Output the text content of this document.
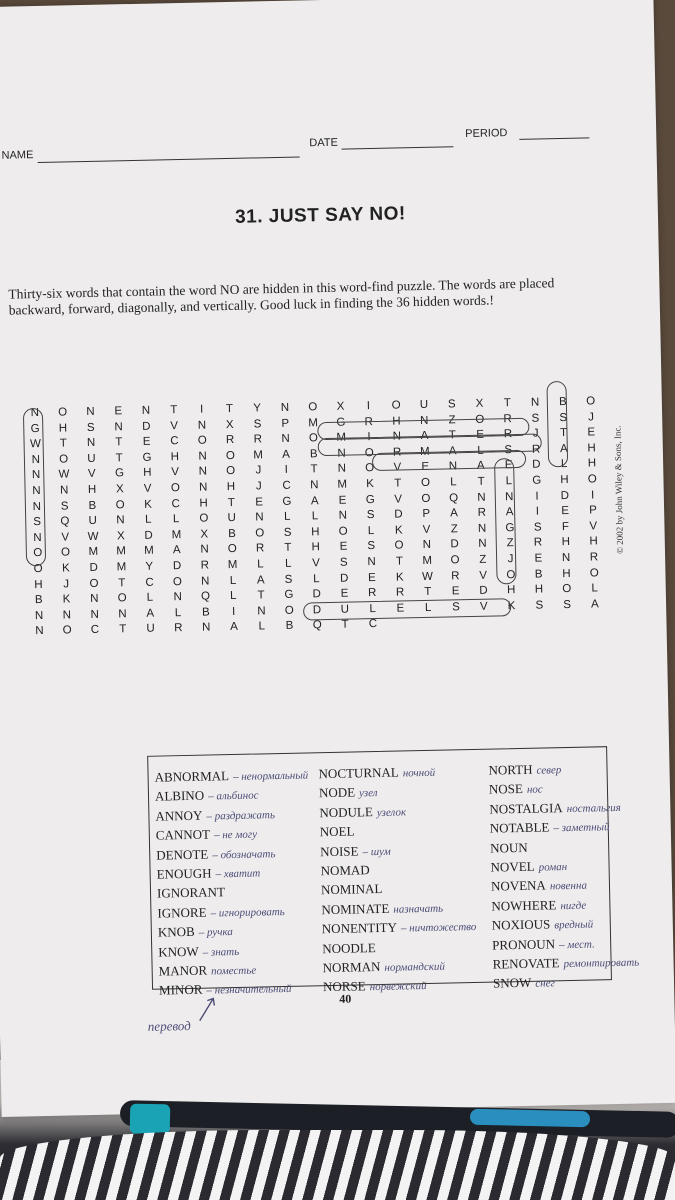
NAME
DATE
PERIOD
31. JUST SAY NO!
Thirty-six words that contain the word NO are hidden in this word-find puzzle. The words are placed backward, forward, diagonally, and vertically. Good luck in finding the 36 hidden words.!
N	O	N	E	N	T	I	T	Y	N	O	X	I	O	U	S	X	T	N	B	O
G	H	S	N	D	V	N	X	S	P	M	G	R	H	N	Z	O	R	S	S	J
W	T	N	T	E	C	O	R	R	N	O	M	I	N	A	T	E	R	J	T	E
N	O	U	T	G	H	N	O	M	A	B	N	O	R	M	A	L	S	R	A	H
N	W	V	G	H	V	N	O	J	I	T	N	O	V	E	N	A	E	D	L	H
N	N	H	X	V	O	N	H	J	C	N	M	K	T	O	L	T	L	G	H	O
N	S	B	O	K	C	H	T	E	G	A	E	G	V	O	Q	N	N	I	D	I
S	Q	U	N	L	L	O	U	N	L	L	N	S	D	P	A	R	A	I	E	P
N	V	W	X	D	M	X	B	O	S	H	O	L	K	V	Z	N	G	S	F	V
O	O	M	M	M	A	N	O	R	T	H	E	S	O	N	D	N	Z	R	H	H
O	K	D	M	Y	D	R	M	L	L	V	S	N	T	M	O	Z	J	E	N	R
H	J	O	T	C	O	N	L	A	S	L	D	E	K	W	R	V	O	B	H	O
B	K	N	O	L	N	Q	L	T	G	D	E	R	R	T	E	D	H	H	O	L
N	N	N	N	A	L	B	I	N	O	D	U	L	E	L	S	V	K	S	S	A
N	O	C	T	U	R	N	A	L	B	Q	T	C
© 2002 by John Wiley & Sons, Inc.
ABNORMAL – ненормальный
ALBINO – альбинос
ANNOY – раздражать
CANNOT – не могу
DENOTE – обозначать
ENOUGH – хватит
IGNORANT
IGNORE – игнорировать
KNOB – ручка
KNOW – знать
MANOR поместье
MINOR – незначительный
NOCTURNAL ночной
NODE узел
NODULE узелок
NOEL
NOISE – шум
NOMAD
NOMINAL
NOMINATE назначать
NONENTITY – ничтожество
NOODLE
NORMAN нормандский
NORSE норвежский
NORTH север
NOSE нос
NOSTALGIA ностальгия
NOTABLE – заметный
NOUN
NOVEL роман
NOVENA новенна
NOWHERE нигде
NOXIOUS вредный
PRONOUN – мест.
RENOVATE ремонтировать
SNOW снег
40
перевод
